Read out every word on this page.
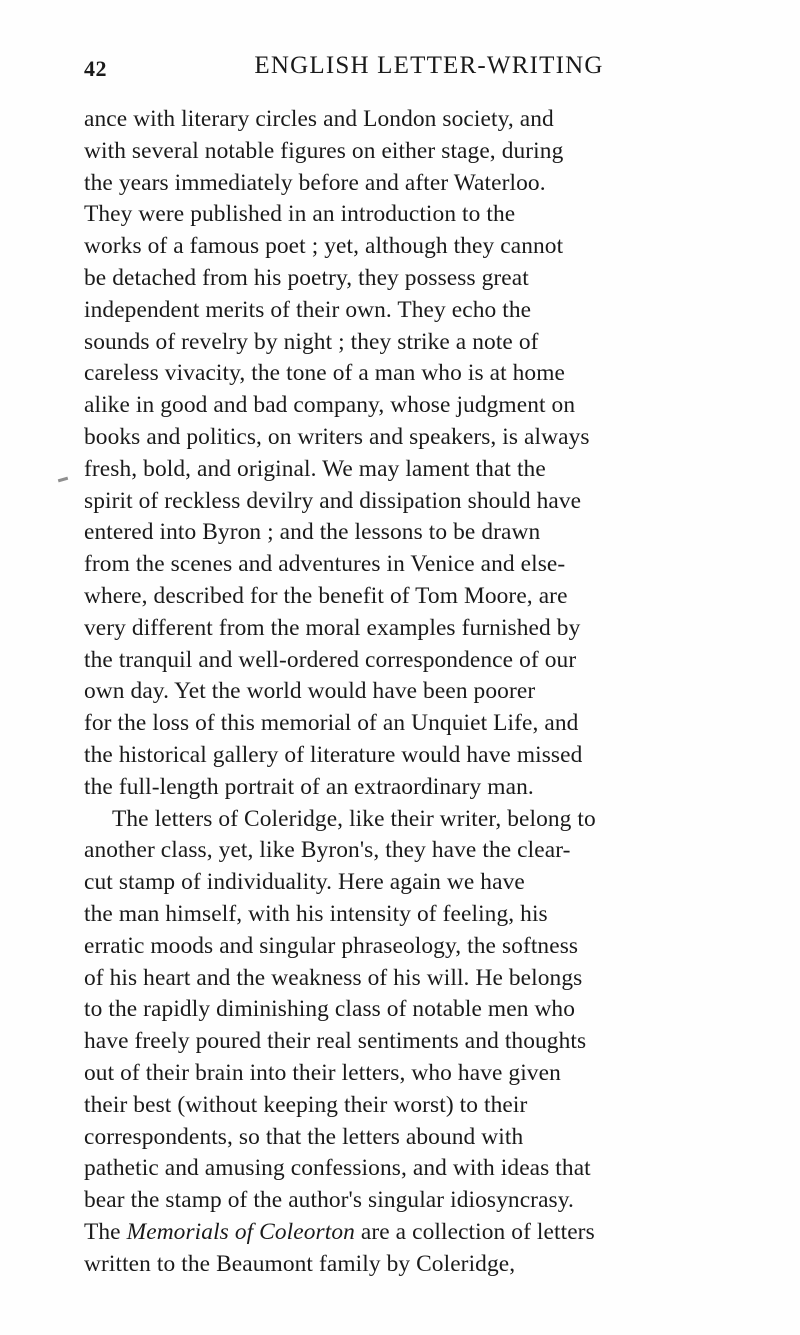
42	ENGLISH LETTER-WRITING

ance with literary circles and London society, and
with several notable figures on either stage, during
the years immediately before and after Waterloo.
They were published in an introduction to the
works of a famous poet ; yet, although they cannot
be detached from his poetry, they possess great
independent merits of their own. They echo the
sounds of revelry by night ; they strike a note of
careless vivacity, the tone of a man who is at home
alike in good and bad company, whose judgment on
books and politics, on writers and speakers, is always
fresh, bold, and original. We may lament that the
spirit of reckless devilry and dissipation should have
entered into Byron ; and the lessons to be drawn
from the scenes and adventures in Venice and else-
where, described for the benefit of Tom Moore, are
very different from the moral examples furnished by
the tranquil and well-ordered correspondence of our
own day. Yet the world would have been poorer
for the loss of this memorial of an Unquiet Life, and
the historical gallery of literature would have missed
the full-length portrait of an extraordinary man.

The letters of Coleridge, like their writer, belong to
another class, yet, like Byron's, they have the clear-
cut stamp of individuality. Here again we have
the man himself, with his intensity of feeling, his
erratic moods and singular phraseology, the softness
of his heart and the weakness of his will. He belongs
to the rapidly diminishing class of notable men who
have freely poured their real sentiments and thoughts
out of their brain into their letters, who have given
their best (without keeping their worst) to their
correspondents, so that the letters abound with
pathetic and amusing confessions, and with ideas that
bear the stamp of the author's singular idiosyncrasy.
The Memorials of Coleorton are a collection of letters
written to the Beaumont family by Coleridge,
